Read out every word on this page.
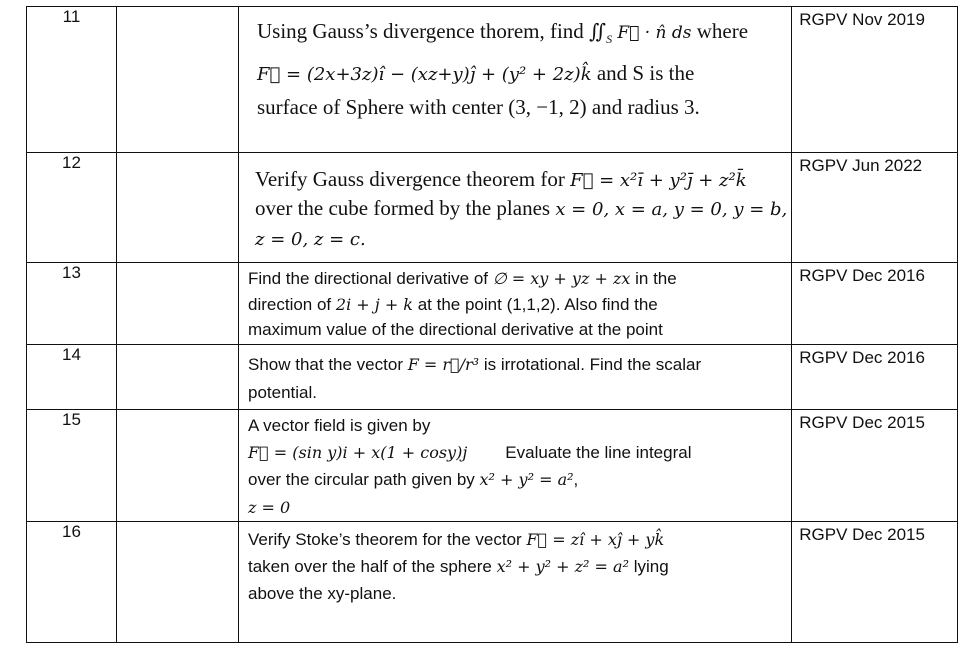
11		Using Gauss’s divergence thorem, find $∬_S$ F⃗ · n̂ ds where
F⃗ = (2x+3z)î − (xz+y)ĵ + (y² + 2z)k̂ and S is the
surface of Sphere with center (3, −1, 2) and radius 3.	RGPV Nov 2019

12		Verify Gauss divergence theorem for F⃗ = x²ī + y²j̄ + z²k̄
over the cube formed by the planes x = 0, x = a, y = 0, y = b,
z = 0, z = c.	RGPV Jun 2022

13		Find the directional derivative of ∅ = xy + yz + zx in the
direction of 2i + j + k at the point (1,1,2). Also find the
maximum value of the directional derivative at the point	RGPV Dec 2016

14		Show that the vector F = r⃗/r³ is irrotational. Find the scalar
potential.	RGPV Dec 2016

15		A vector field is given by
F⃗ = (sin y)i + x(1 + cosy)j Evaluate the line integral
over the circular path given by x² + y² = a²,
z = 0	RGPV Dec 2015

16		Verify Stoke’s theorem for the vector F⃗ = zî + xĵ + yk̂
taken over the half of the sphere x² + y² + z² = a² lying
above the xy-plane.	RGPV Dec 2015
